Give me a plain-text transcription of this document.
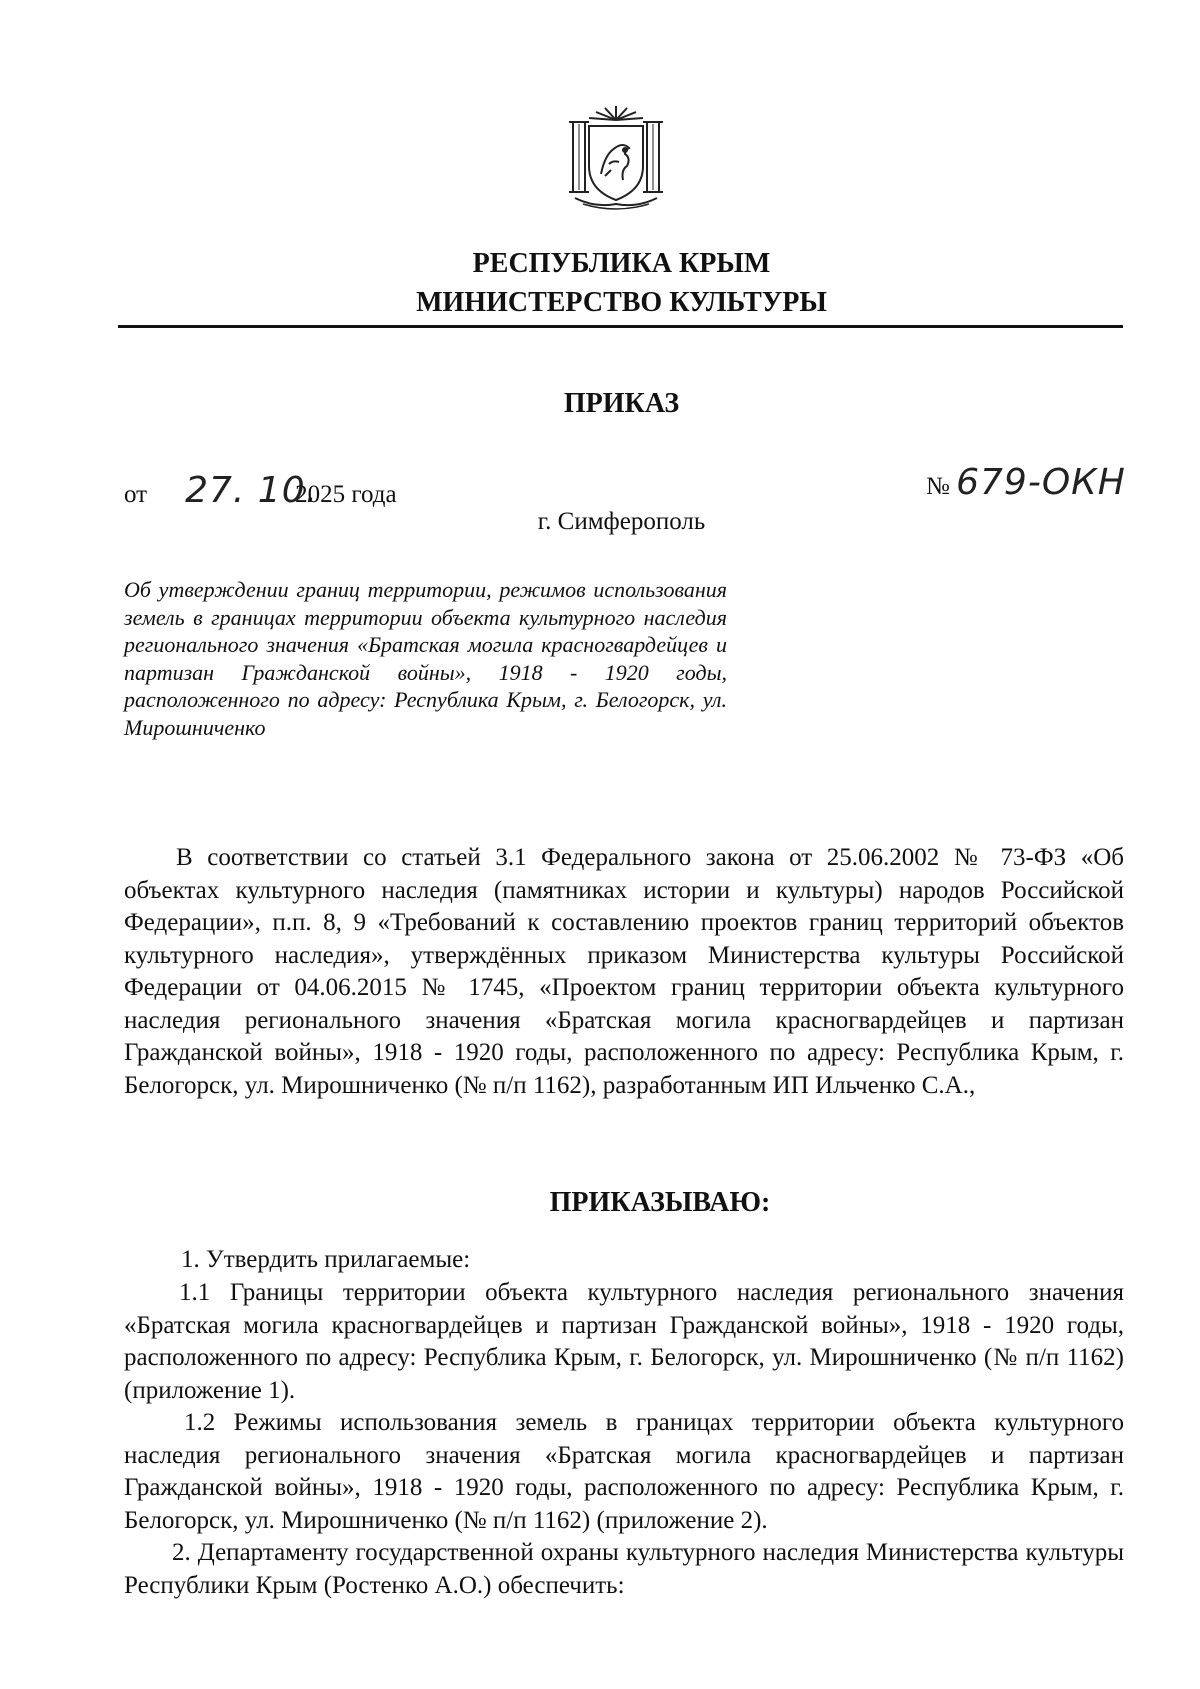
РЕСПУБЛИКА КРЫМ
МИНИСТЕРСТВО КУЛЬТУРЫ
ПРИКАЗ
от 27. 10.2025 года	№ 679-ОКН
г. Симферополь
Об утверждении границ территории, режимов использования земель в границах территории объекта культурного наследия регионального значения «Братская могила красногвардейцев и партизан Гражданской войны», 1918 - 1920 годы, расположенного по адресу: Республика Крым, г. Белогорск, ул. Мирошниченко
В соответствии со статьей 3.1 Федерального закона от 25.06.2002 № 73-ФЗ «Об объектах культурного наследия (памятниках истории и культуры) народов Российской Федерации», п.п. 8, 9 «Требований к составлению проектов границ территорий объектов культурного наследия», утверждённых приказом Министерства культуры Российской Федерации от 04.06.2015 № 1745, «Проектом границ территории объекта культурного наследия регионального значения «Братская могила красногвардейцев и партизан Гражданской войны», 1918 - 1920 годы, расположенного по адресу: Республика Крым, г. Белогорск, ул. Мирошниченко (№ п/п 1162), разработанным ИП Ильченко С.А.,
ПРИКАЗЫВАЮ:
1. Утвердить прилагаемые:
1.1 Границы территории объекта культурного наследия регионального значения «Братская могила красногвардейцев и партизан Гражданской войны», 1918 - 1920 годы, расположенного по адресу: Республика Крым, г. Белогорск, ул. Мирошниченко (№ п/п 1162) (приложение 1).
1.2 Режимы использования земель в границах территории объекта культурного наследия регионального значения «Братская могила красногвардейцев и партизан Гражданской войны», 1918 - 1920 годы, расположенного по адресу: Республика Крым, г. Белогорск, ул. Мирошниченко (№ п/п 1162) (приложение 2).
2. Департаменту государственной охраны культурного наследия Министерства культуры Республики Крым (Ростенко А.О.) обеспечить:
